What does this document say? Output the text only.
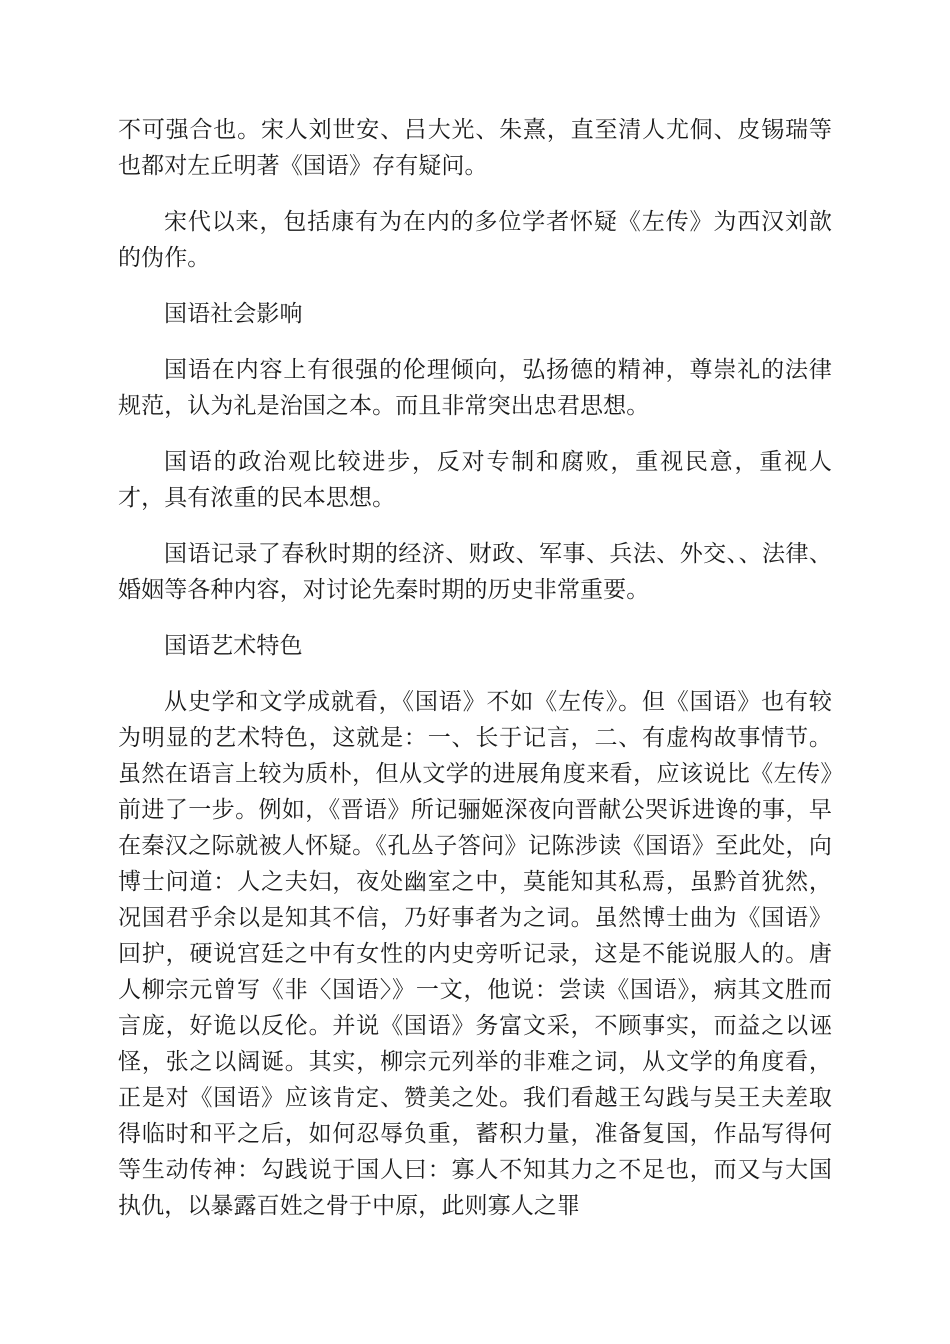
不可强合也。宋人刘世安、吕大光、朱熹，直至清人尤侗、皮锡瑞等也都对左丘明著《国语》存有疑问。

宋代以来，包括康有为在内的多位学者怀疑《左传》为西汉刘歆的伪作。

国语社会影响

国语在内容上有很强的伦理倾向，弘扬德的精神，尊崇礼的法律规范，认为礼是治国之本。而且非常突出忠君思想。

国语的政治观比较进步，反对专制和腐败，重视民意，重视人才，具有浓重的民本思想。

国语记录了春秋时期的经济、财政、军事、兵法、外交、、法律、婚姻等各种内容，对讨论先秦时期的历史非常重要。

国语艺术特色

从史学和文学成就看，《国语》不如《左传》。但《国语》也有较为明显的艺术特色，这就是：一、长于记言，二、有虚构故事情节。虽然在语言上较为质朴，但从文学的进展角度来看，应该说比《左传》前进了一步。例如，《晋语》所记骊姬深夜向晋献公哭诉进谗的事，早在秦汉之际就被人怀疑。《孔丛子答问》记陈涉读《国语》至此处，向博士问道：人之夫妇，夜处幽室之中，莫能知其私焉，虽黔首犹然，况国君乎余以是知其不信，乃好事者为之词。虽然博士曲为《国语》回护，硬说宫廷之中有女性的内史旁听记录，这是不能说服人的。唐人柳宗元曾写《非〈国语〉》一文，他说：尝读《国语》，病其文胜而言庞，好诡以反伦。并说《国语》务富文采，不顾事实，而益之以诬怪，张之以阔诞。其实，柳宗元列举的非难之词，从文学的角度看，正是对《国语》应该肯定、赞美之处。我们看越王勾践与吴王夫差取得临时和平之后，如何忍辱负重，蓄积力量，准备复国，作品写得何等生动传神：勾践说于国人曰：寡人不知其力之不足也，而又与大国执仇，以暴露百姓之骨于中原，此则寡人之罪
